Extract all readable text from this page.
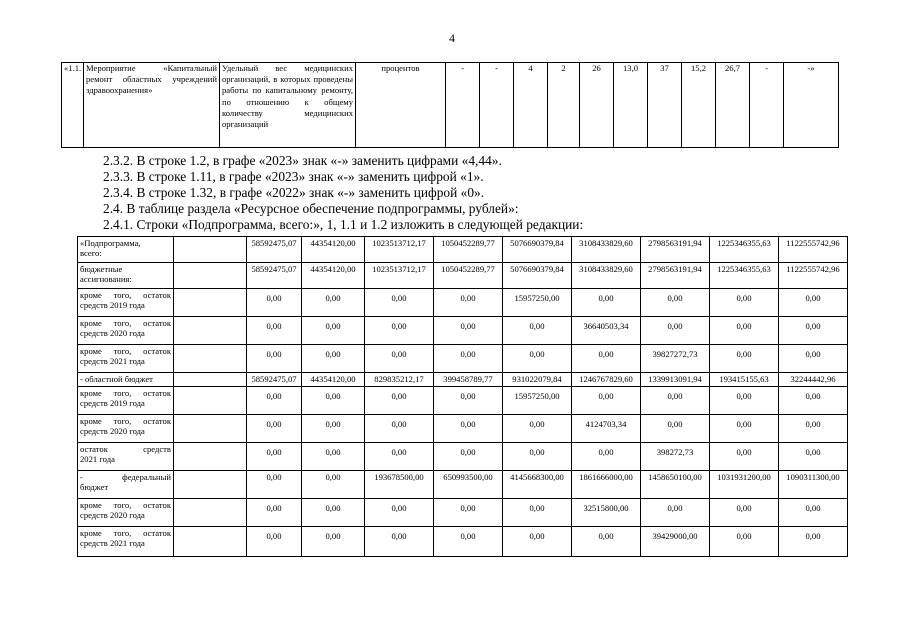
4
«1.1.	Мероприятие	«Капитальный ремонт областных учреждений
здравоохранения»
	Удельный вес медицинских организаций, в которых проведены работы по капитальному ремонту, по отношению к общему количеству медицинских
организаций
	процентов	-	-	4	2	26	13,0	37	15,2	26,7	-	-»
2.3.2. В строке 1.2, в графе «2023» знак «-» заменить цифрами «4,44».
2.3.3. В строке 1.11, в графе «2023» знак «-» заменить цифрой «1».
2.3.4. В строке 1.32, в графе «2022» знак «-» заменить цифрой «0».
2.4. В таблице раздела «Ресурсное обеспечение подпрограммы, рублей»:
2.4.1. Строки «Подпрограмма, всего:», 1, 1.1 и 1.2 изложить в следующей редакции:
«Подпрограмма,
всего:		58592475,07	44354120,00	1023513712,17	1050452289,77	5076690379,84	3108433829,60	2798563191,94	1225346355,63	1122555742,96
бюджетные
ассигнования:		58592475,07	44354120,00	1023513712,17	1050452289,77	5076690379,84	3108433829,60	2798563191,94	1225346355,63	1122555742,96
кроме того, остаток
средств 2019 года		0,00	0,00	0,00	0,00	15957250,00	0,00	0,00	0,00	0,00
кроме того, остаток
средств 2020 года		0,00	0,00	0,00	0,00	0,00	36640503,34	0,00	0,00	0,00
кроме того, остаток
средств 2021 года		0,00	0,00	0,00	0,00	0,00	0,00	39827272,73	0,00	0,00

- областной бюджет		58592475,07	44354120,00	829835212,17	399458789,77	931022079,84	1246767829,60	1339913091,94	193415155,63	32244442,96
кроме того, остаток
средств 2019 года		0,00	0,00	0,00	0,00	15957250,00	0,00	0,00	0,00	0,00
кроме того, остаток
средств 2020 года		0,00	0,00	0,00	0,00	0,00	4124703,34	0,00	0,00	0,00
остаток средств
2021 года		0,00	0,00	0,00	0,00	0,00	0,00	398272,73	0,00	0,00
- федеральный
бюджет		0,00	0,00	193678500,00	650993500,00	4145668300,00	1861666000,00	1458650100,00	1031931200,00	1090311300,00
кроме того, остаток
средств 2020 года		0,00	0,00	0,00	0,00	0,00	32515800,00	0,00	0,00	0,00
кроме того, остаток
средств 2021 года		0,00	0,00	0,00	0,00	0,00	0,00	39429000,00	0,00	0,00
